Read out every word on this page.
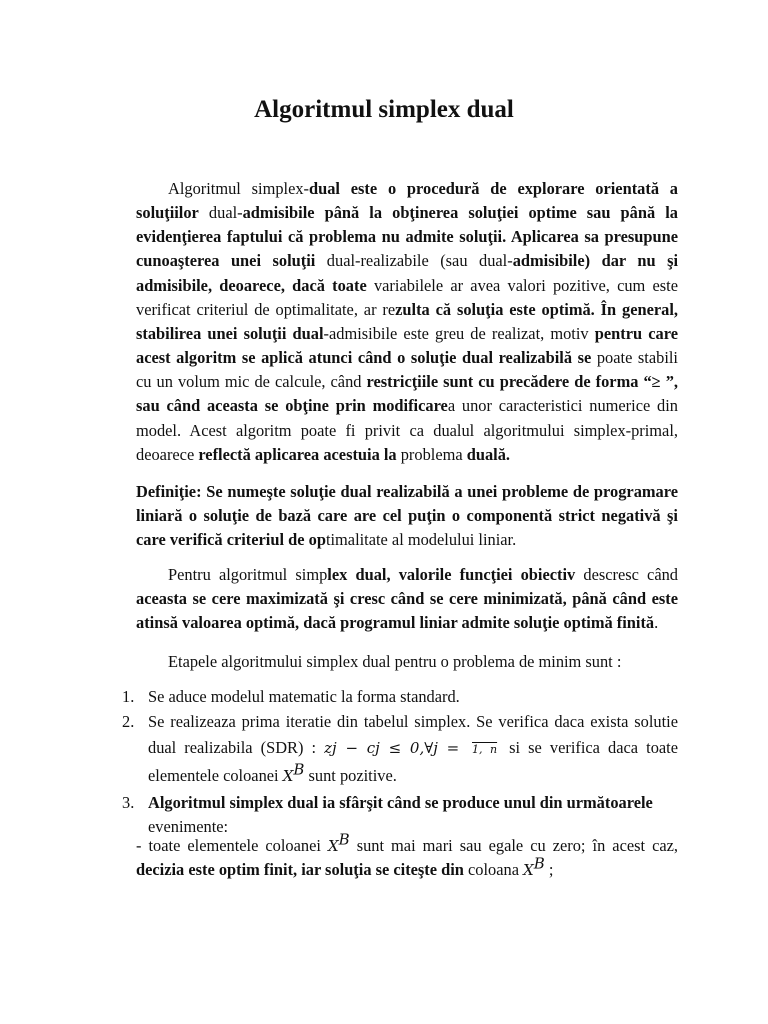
Algoritmul simplex dual
Algoritmul simplex-dual este o procedură de explorare orientată a soluţiilor dual-admisibile până la obţinerea soluţiei optime sau până la evidenţierea faptului că problema nu admite soluţii. Aplicarea sa presupune cunoaşterea unei soluţii dual-realizabile (sau dual-admisibile) dar nu şi admisibile, deoarece, dacă toate variabilele ar avea valori pozitive, cum este verificat criteriul de optimalitate, ar rezulta că soluţia este optimă. În general, stabilirea unei soluţii dual-admisibile este greu de realizat, motiv pentru care acest algoritm se aplică atunci când o soluţie dual realizabilă se poate stabili cu un volum mic de calcule, când restricţiile sunt cu precădere de forma “≥ ”, sau când aceasta se obţine prin modificarea unor caracteristici numerice din model. Acest algoritm poate fi privit ca dualul algoritmului simplex-primal, deoarece reflectă aplicarea acestuia la problema duală.
Definiţie: Se numeşte soluţie dual realizabilă a unei probleme de programare liniară o soluţie de bază care are cel puţin o componentă strict negativă şi care verifică criteriul de optimalitate al modelului liniar.
Pentru algoritmul simplex dual, valorile funcţiei obiectiv descresc când aceasta se cere maximizată şi cresc când se cere minimizată, până când este atinsă valoarea optimă, dacă programul liniar admite soluţie optimă finită.
Etapele algoritmului simplex dual pentru o problema de minim sunt :
1. Se aduce modelul matematic la forma standard.
2. Se realizeaza prima iteratie din tabelul simplex. Se verifica daca exista solutie dual realizabila (SDR) : zj − cj ≤ 0,∀j = 1, n si se verifica daca toate elementele coloanei $X^B$ sunt pozitive.
3. Algoritmul simplex dual ia sfârşit când se produce unul din următoarele
evenimente:
- toate elementele coloanei $X^B$ sunt mai mari sau egale cu zero; în acest caz, decizia este optim finit, iar soluţia se citeşte din coloana $X^B$ ;
